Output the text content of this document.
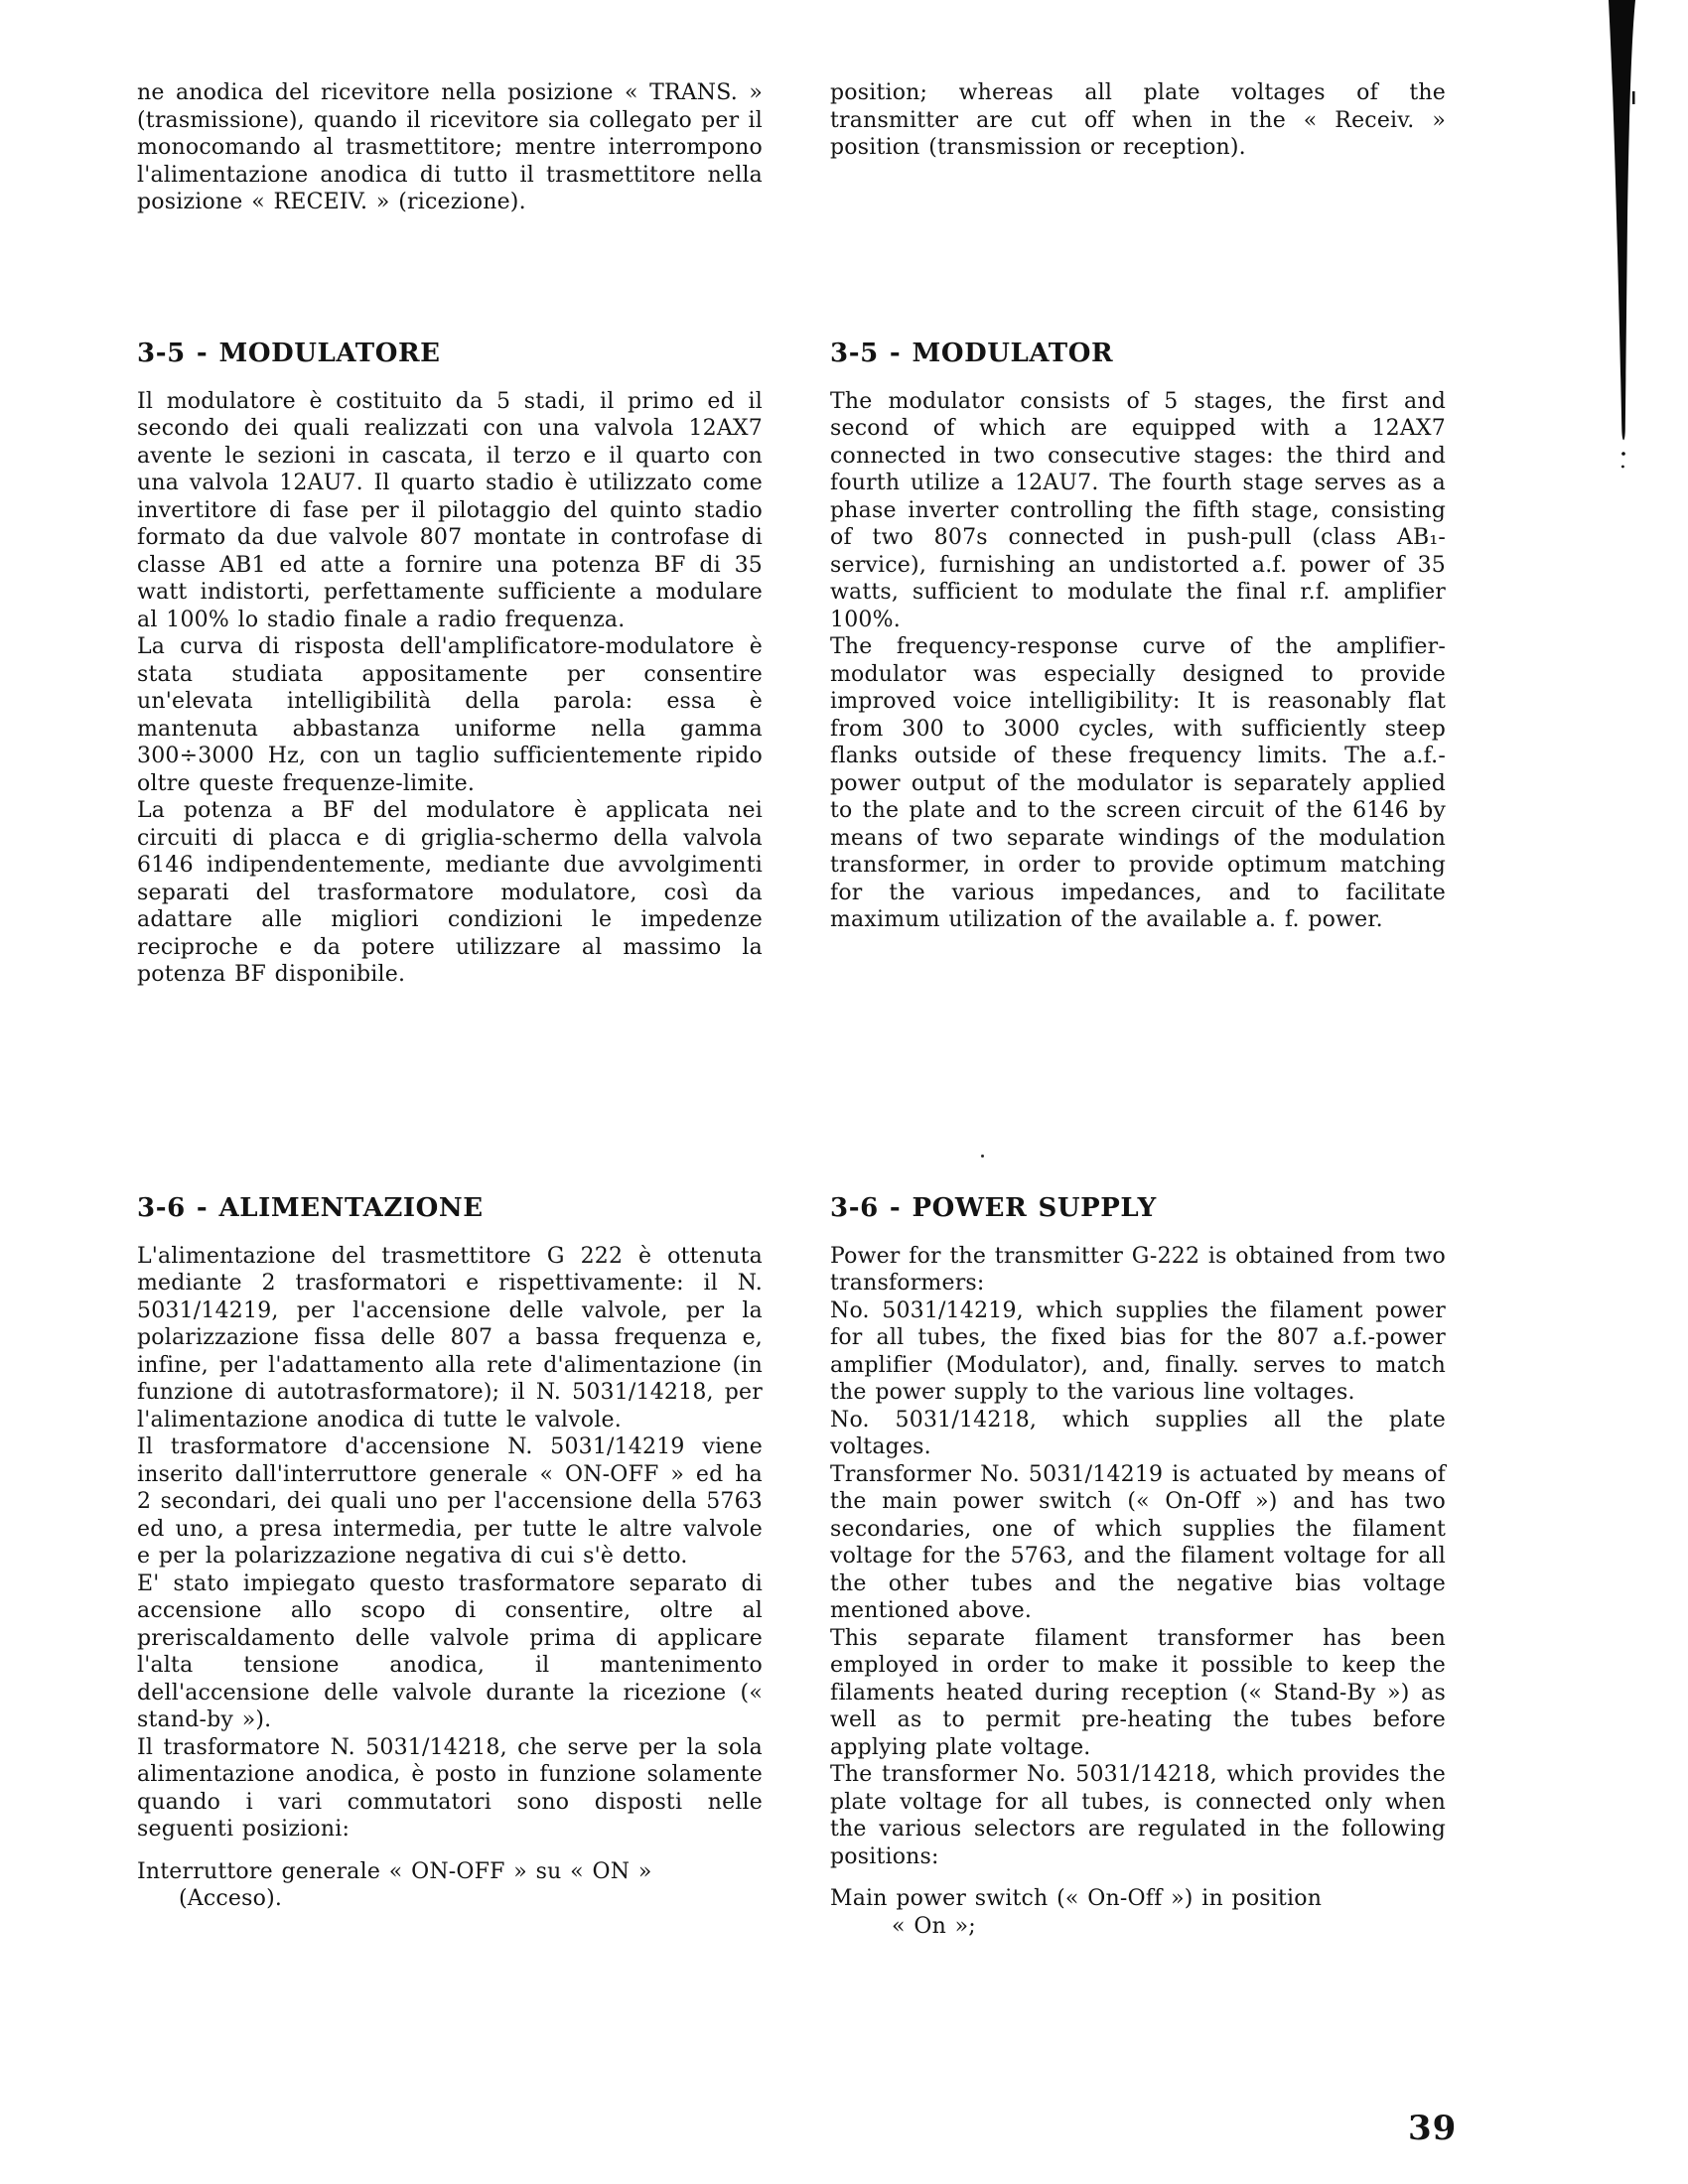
ne anodica del ricevitore nella posizione « TRANS. » (trasmissione), quando il ricevitore sia collegato per il monocomando al trasmettitore; mentre interrompono l'alimentazione anodica di tutto il trasmettitore nella posizione « RECEIV. » (ricezione).

3-5 - MODULATORE

Il modulatore è costituito da 5 stadi, il primo ed il secondo dei quali realizzati con una valvola 12AX7 avente le sezioni in cascata, il terzo e il quarto con una valvola 12AU7. Il quarto stadio è utilizzato come invertitore di fase per il pilotaggio del quinto stadio formato da due valvole 807 montate in controfase di classe AB1 ed atte a fornire una potenza BF di 35 watt indistorti, perfettamente sufficiente a modulare al 100% lo stadio finale a radio frequenza.

La curva di risposta dell'amplificatore-modulatore è stata studiata appositamente per consentire un'elevata intelligibilità della parola: essa è mantenuta abbastanza uniforme nella gamma 300÷3000 Hz, con un taglio sufficientemente ripido oltre queste frequenze-limite.

La potenza a BF del modulatore è applicata nei circuiti di placca e di griglia-schermo della valvola 6146 indipendentemente, mediante due avvolgimenti separati del trasformatore modulatore, così da adattare alle migliori condizioni le impedenze reciproche e da potere utilizzare al massimo la potenza BF disponibile.

3-6 - ALIMENTAZIONE

L'alimentazione del trasmettitore G 222 è ottenuta mediante 2 trasformatori e rispettivamente: il N. 5031/14219, per l'accensione delle valvole, per la polarizzazione fissa delle 807 a bassa frequenza e, infine, per l'adattamento alla rete d'alimentazione (in funzione di autotrasformatore); il N. 5031/14218, per l'alimentazione anodica di tutte le valvole.

Il trasformatore d'accensione N. 5031/14219 viene inserito dall'interruttore generale « ON-OFF » ed ha 2 secondari, dei quali uno per l'accensione della 5763 ed uno, a presa intermedia, per tutte le altre valvole e per la polarizzazione negativa di cui s'è detto.

E' stato impiegato questo trasformatore separato di accensione allo scopo di consentire, oltre al preriscaldamento delle valvole prima di applicare l'alta tensione anodica, il mantenimento dell'accensione delle valvole durante la ricezione (« stand-by »).

Il trasformatore N. 5031/14218, che serve per la sola alimentazione anodica, è posto in funzione solamente quando i vari commutatori sono disposti nelle seguenti posizioni:

Interruttore generale « ON-OFF » su « ON »
(Acceso).

position; whereas all plate voltages of the transmitter are cut off when in the « Receiv. » position (transmission or reception).

3-5 - MODULATOR

The modulator consists of 5 stages, the first and second of which are equipped with a 12AX7 connected in two consecutive stages: the third and fourth utilize a 12AU7. The fourth stage serves as a phase inverter controlling the fifth stage, consisting of two 807s connected in push-pull (class AB₁-service), furnishing an undistorted a.f. power of 35 watts, sufficient to modulate the final r.f. amplifier 100%.

The frequency-response curve of the amplifier-modulator was especially designed to provide improved voice intelligibility: It is reasonably flat from 300 to 3000 cycles, with sufficiently steep flanks outside of these frequency limits. The a.f.-power output of the modulator is separately applied to the plate and to the screen circuit of the 6146 by means of two separate windings of the modulation transformer, in order to provide optimum matching for the various impedances, and to facilitate maximum utilization of the available a. f. power.

3-6 - POWER SUPPLY

Power for the transmitter G-222 is obtained from two transformers:

No. 5031/14219, which supplies the filament power for all tubes, the fixed bias for the 807 a.f.-power amplifier (Modulator), and, finally. serves to match the power supply to the various line voltages.

No. 5031/14218, which supplies all the plate voltages.

Transformer No. 5031/14219 is actuated by means of the main power switch (« On-Off ») and has two secondaries, one of which supplies the filament voltage for the 5763, and the filament voltage for all the other tubes and the negative bias voltage mentioned above.

This separate filament transformer has been employed in order to make it possible to keep the filaments heated during reception (« Stand-By ») as well as to permit pre-heating the tubes before applying plate voltage.

The transformer No. 5031/14218, which provides the plate voltage for all tubes, is connected only when the various selectors are regulated in the following positions:

Main power switch (« On-Off ») in position
« On »;
39
